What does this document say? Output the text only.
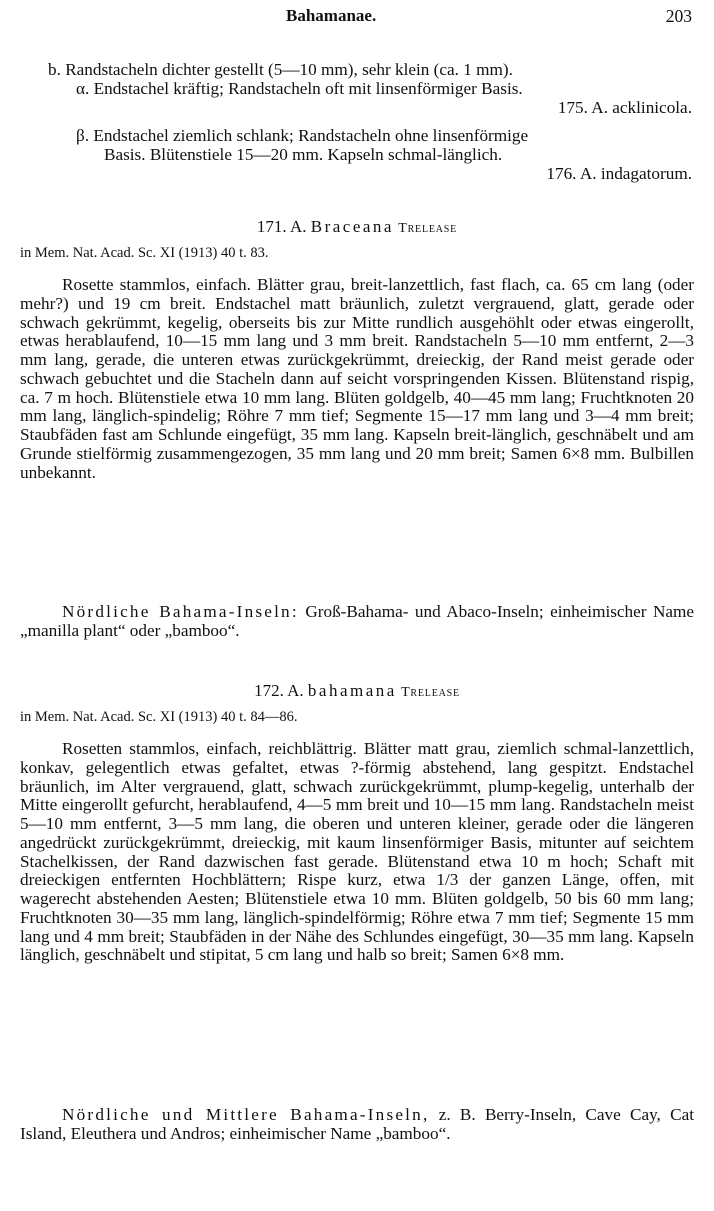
Bahamanae.	203
b. Randstacheln dichter gestellt (5—10 mm), sehr klein (ca. 1 mm).
α. Endstachel kräftig; Randstacheln oft mit linsenförmiger Basis.
175. A. acklinicola.
β. Endstachel ziemlich schlank; Randstacheln ohne linsenförmige
Basis. Blütenstiele 15—20 mm. Kapseln schmal-länglich.
176. A. indagatorum.
171. A. Braceana Trelease
in Mem. Nat. Acad. Sc. XI (1913) 40 t. 83.
Rosette stammlos, einfach. Blätter grau, breit-lanzettlich, fast flach, ca. 65 cm lang (oder mehr?) und 19 cm breit. Endstachel matt bräunlich, zuletzt vergrauend, glatt, gerade oder schwach gekrümmt, kegelig, oberseits bis zur Mitte rundlich ausgehöhlt oder etwas eingerollt, etwas herablaufend, 10—15 mm lang und 3 mm breit. Randstacheln 5—10 mm entfernt, 2—3 mm lang, gerade, die unteren etwas zurückgekrümmt, dreieckig, der Rand meist gerade oder schwach gebuchtet und die Stacheln dann auf seicht vorspringenden Kissen. Blütenstand rispig, ca. 7 m hoch. Blütenstiele etwa 10 mm lang. Blüten goldgelb, 40—45 mm lang; Fruchtknoten 20 mm lang, länglich-spindelig; Röhre 7 mm tief; Segmente 15—17 mm lang und 3—4 mm breit; Staubfäden fast am Schlunde eingefügt, 35 mm lang. Kapseln breit-länglich, geschnäbelt und am Grunde stielförmig zusammengezogen, 35 mm lang und 20 mm breit; Samen 6×8 mm. Bulbillen unbekannt.
Nördliche Bahama-Inseln: Groß-Bahama- und Abaco-Inseln; einheimischer Name „manilla plant“ oder „bamboo“.
172. A. bahamana Trelease
in Mem. Nat. Acad. Sc. XI (1913) 40 t. 84—86.
Rosetten stammlos, einfach, reichblättrig. Blätter matt grau, ziemlich schmal-lanzettlich, konkav, gelegentlich etwas gefaltet, etwas ?-förmig abstehend, lang gespitzt. Endstachel bräunlich, im Alter vergrauend, glatt, schwach zurückgekrümmt, plump-kegelig, unterhalb der Mitte eingerollt gefurcht, herablaufend, 4—5 mm breit und 10—15 mm lang. Randstacheln meist 5—10 mm entfernt, 3—5 mm lang, die oberen und unteren kleiner, gerade oder die längeren angedrückt zurückgekrümmt, dreieckig, mit kaum linsenförmiger Basis, mitunter auf seichtem Stachelkissen, der Rand dazwischen fast gerade. Blütenstand etwa 10 m hoch; Schaft mit dreieckigen entfernten Hochblättern; Rispe kurz, etwa 1/3 der ganzen Länge, offen, mit wagerecht abstehenden Aesten; Blütenstiele etwa 10 mm. Blüten goldgelb, 50 bis 60 mm lang; Fruchtknoten 30—35 mm lang, länglich-spindelförmig; Röhre etwa 7 mm tief; Segmente 15 mm lang und 4 mm breit; Staubfäden in der Nähe des Schlundes eingefügt, 30—35 mm lang. Kapseln länglich, geschnäbelt und stipitat, 5 cm lang und halb so breit; Samen 6×8 mm.
Nördliche und Mittlere Bahama-Inseln, z. B. Berry-Inseln, Cave Cay, Cat Island, Eleuthera und Andros; einheimischer Name „bamboo“.
